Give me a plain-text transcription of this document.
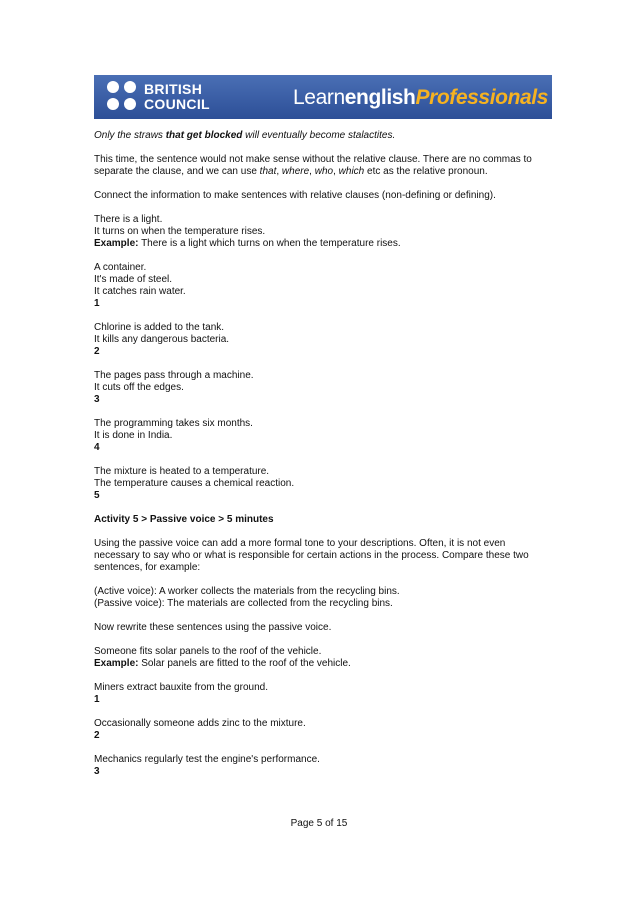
BRITISH
COUNCIL	LearnenglishProfessionals

Only the straws that get blocked will eventually become stalactites.

This time, the sentence would not make sense without the relative clause. There are no commas to
separate the clause, and we can use that, where, who, which etc as the relative pronoun.

Connect the information to make sentences with relative clauses (non-defining or defining).

There is a light.
It turns on when the temperature rises.
Example: There is a light which turns on when the temperature rises.

A container.
It's made of steel.
It catches rain water.
1

Chlorine is added to the tank.
It kills any dangerous bacteria.
2

The pages pass through a machine.
It cuts off the edges.
3

The programming takes six months.
It is done in India.
4

The mixture is heated to a temperature.
The temperature causes a chemical reaction.
5

Activity 5 > Passive voice > 5 minutes

Using the passive voice can add a more formal tone to your descriptions. Often, it is not even
necessary to say who or what is responsible for certain actions in the process. Compare these two
sentences, for example:

(Active voice): A worker collects the materials from the recycling bins.
(Passive voice): The materials are collected from the recycling bins.

Now rewrite these sentences using the passive voice.

Someone fits solar panels to the roof of the vehicle.
Example: Solar panels are fitted to the roof of the vehicle.

Miners extract bauxite from the ground.
1

Occasionally someone adds zinc to the mixture.
2

Mechanics regularly test the engine's performance.
3

Page 5 of 15
